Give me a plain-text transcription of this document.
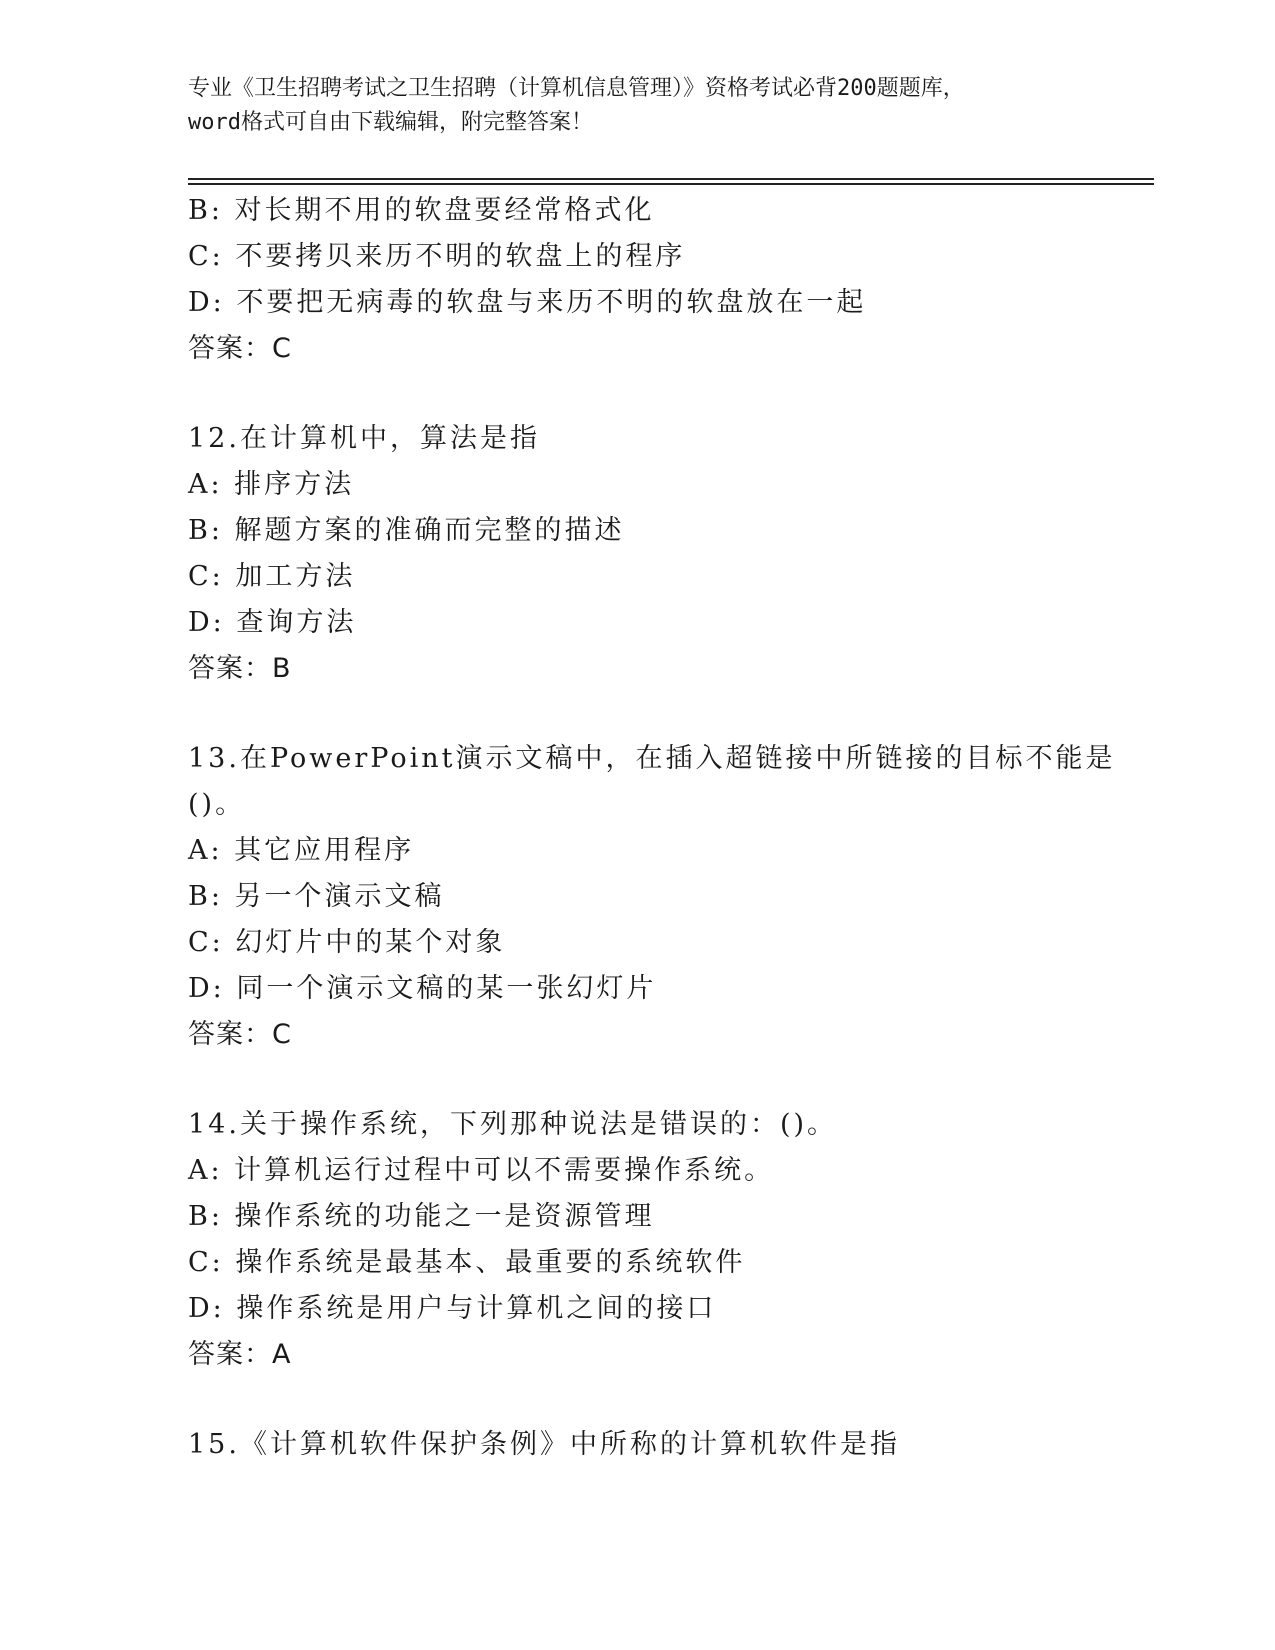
专业《卫生招聘考试之卫生招聘（计算机信息管理）》资格考试必背200题题库，
word格式可自由下载编辑，附完整答案！
B: 对长期不用的软盘要经常格式化
C: 不要拷贝来历不明的软盘上的程序
D: 不要把无病毒的软盘与来历不明的软盘放在一起
答案：C
12.在计算机中，算法是指
A: 排序方法
B: 解题方案的准确而完整的描述
C: 加工方法
D: 查询方法
答案：B
13.在PowerPoint演示文稿中，在插入超链接中所链接的目标不能是
()。
A: 其它应用程序
B: 另一个演示文稿
C: 幻灯片中的某个对象
D: 同一个演示文稿的某一张幻灯片
答案：C
14.关于操作系统，下列那种说法是错误的：()。
A: 计算机运行过程中可以不需要操作系统。
B: 操作系统的功能之一是资源管理
C: 操作系统是最基本、最重要的系统软件
D: 操作系统是用户与计算机之间的接口
答案：A
15.《计算机软件保护条例》中所称的计算机软件是指
